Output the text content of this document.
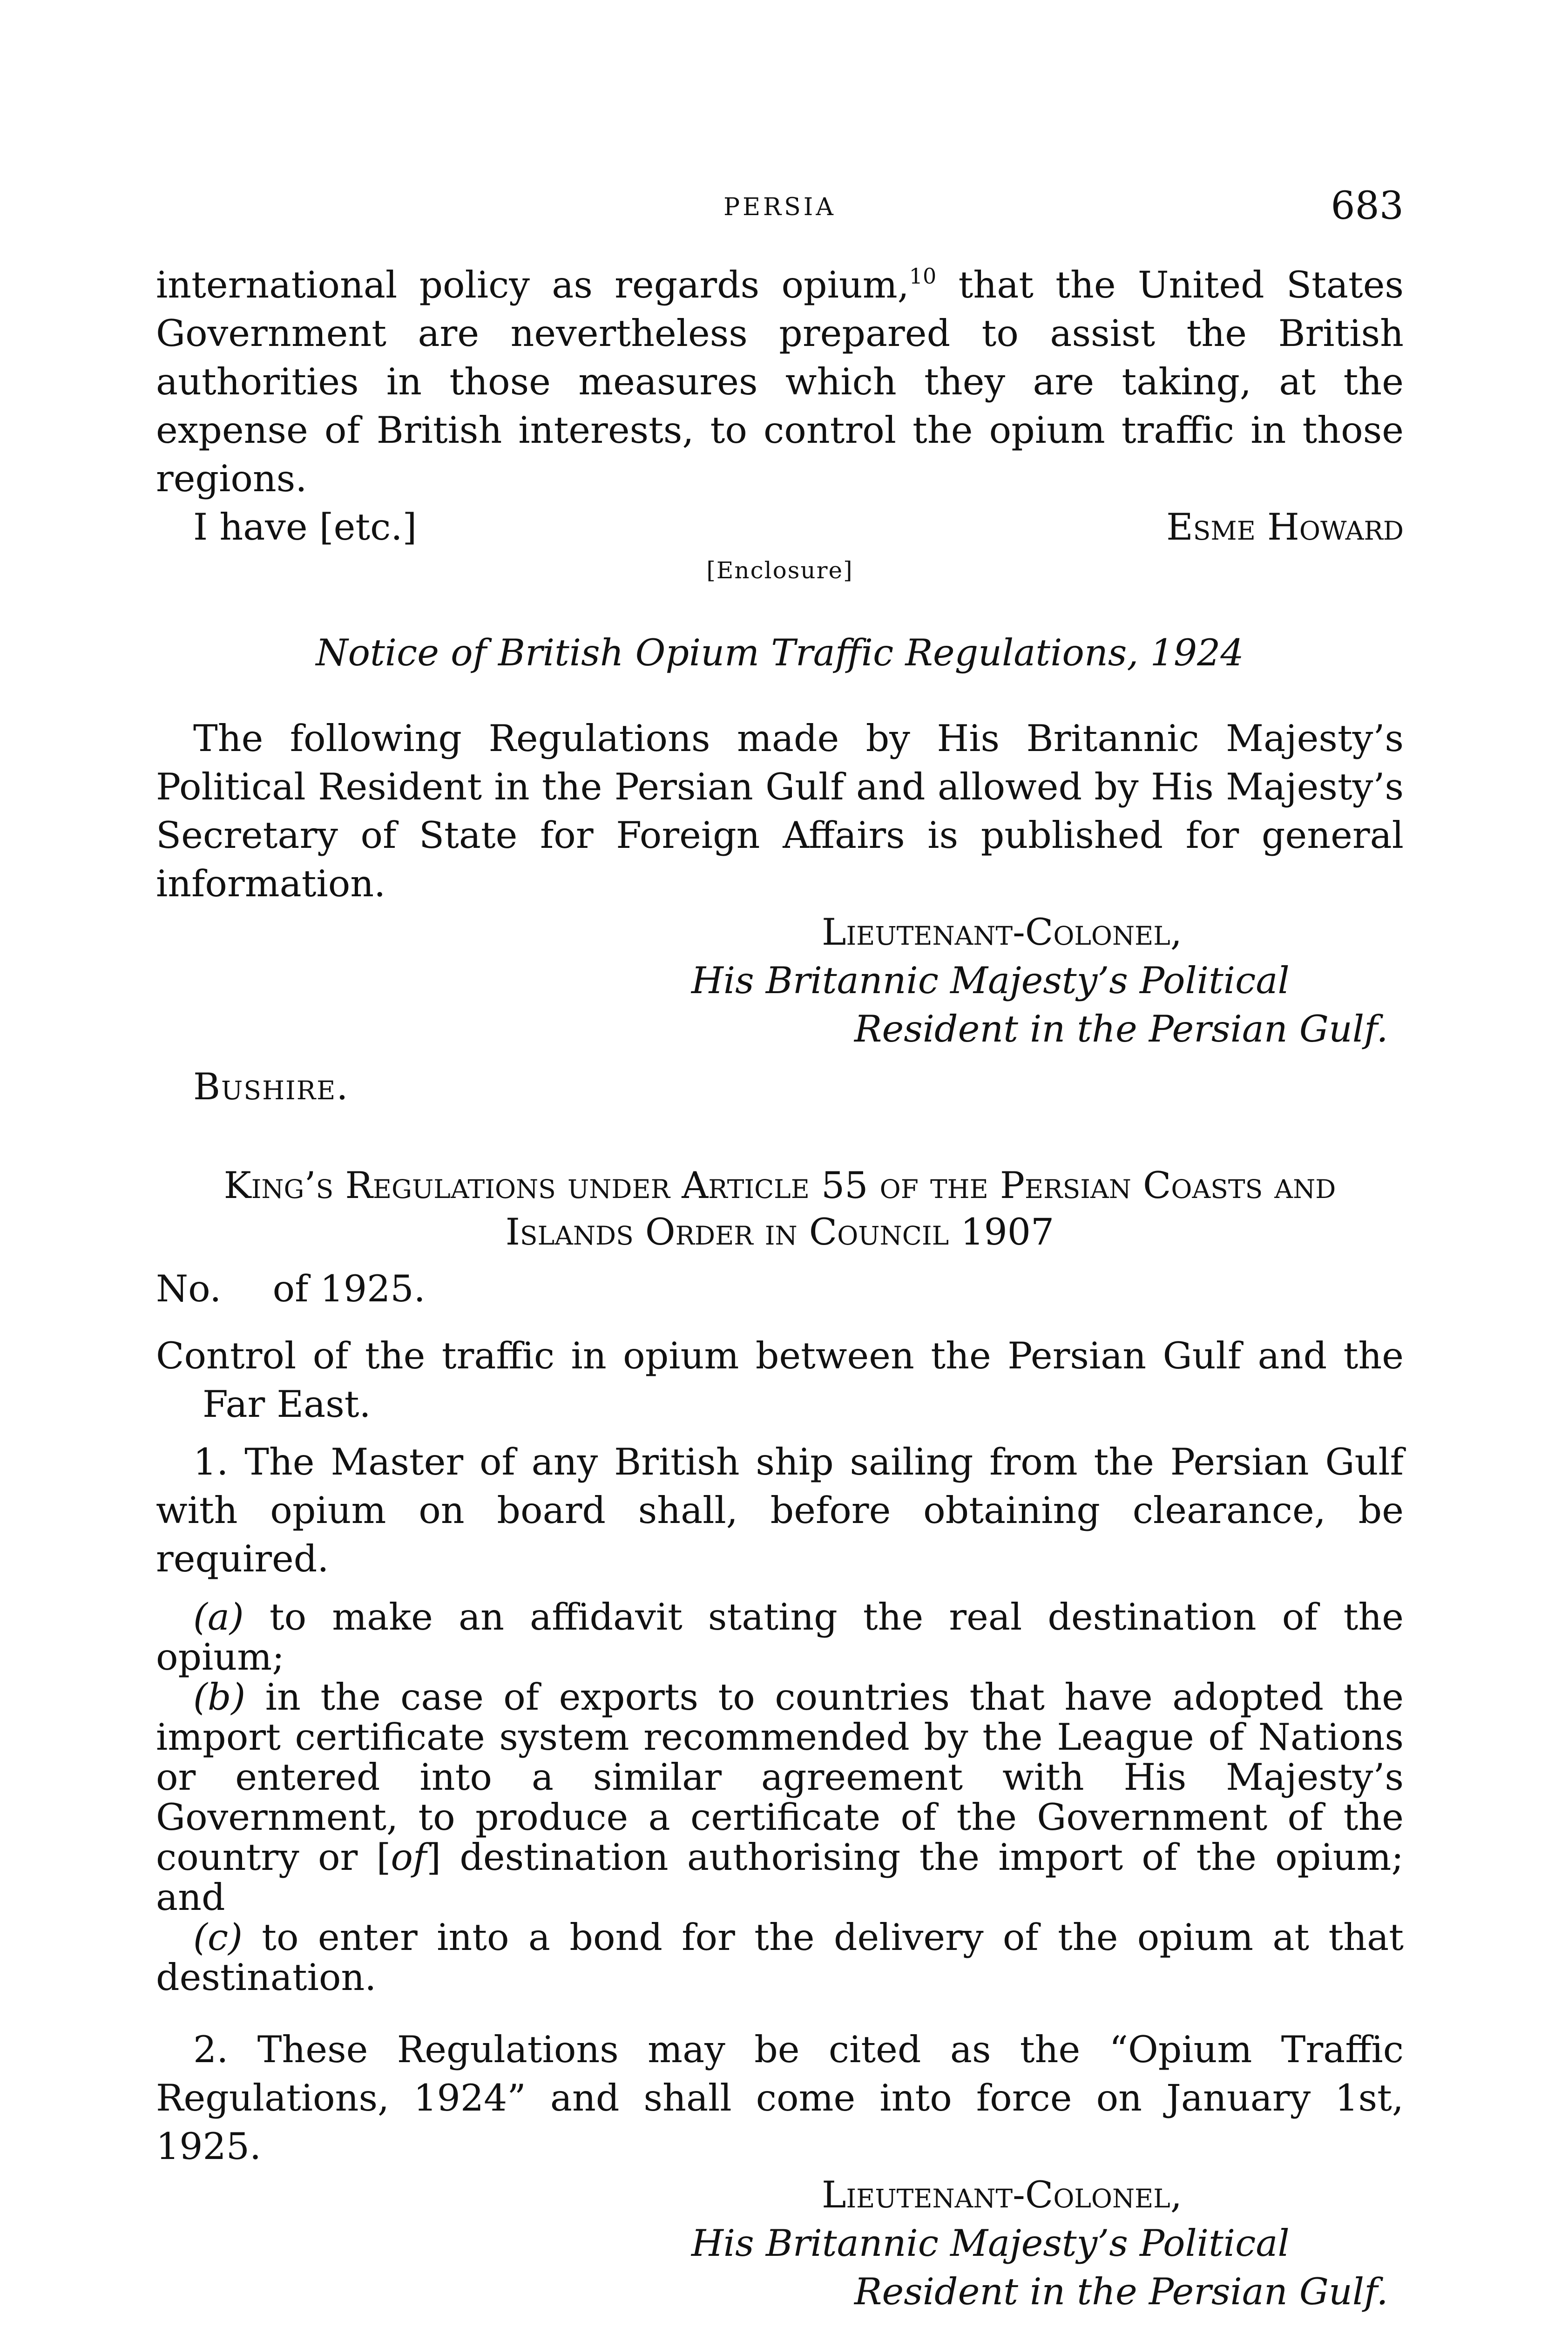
PERSIA	683

international policy as regards opium,$^{10}$ that the United States Government are nevertheless prepared to assist the British authorities in those measures which they are taking, at the expense of British interests, to control the opium traffic in those regions.

I have [etc.]	Esme Howard
[Enclosure]

Notice of British Opium Traffic Regulations, 1924

The following Regulations made by His Britannic Majesty’s Political Resident in the Persian Gulf and allowed by His Majesty’s Secretary of State for Foreign Affairs is published for general information.

Lieutenant-Colonel,
His Britannic Majesty’s Political
Resident in the Persian Gulf.
Bushire.
King’s Regulations under Article 55 of the Persian Coasts and
Islands Order in Council 1907
No. of 1925.

Control of the traffic in opium between the Persian Gulf and the Far East.

1. The Master of any British ship sailing from the Persian Gulf with opium on board shall, before obtaining clearance, be required.

(a) to make an affidavit stating the real destination of the opium;

(b) in the case of exports to countries that have adopted the import certificate system recommended by the League of Nations or entered into a similar agreement with His Majesty’s Government, to produce a certificate of the Government of the country or [of] destination authorising the import of the opium; and

(c) to enter into a bond for the delivery of the opium at that destination.

2. These Regulations may be cited as the “Opium Traffic Regulations, 1924” and shall come into force on January 1st, 1925.

Lieutenant-Colonel,
His Britannic Majesty’s Political
Resident in the Persian Gulf.
